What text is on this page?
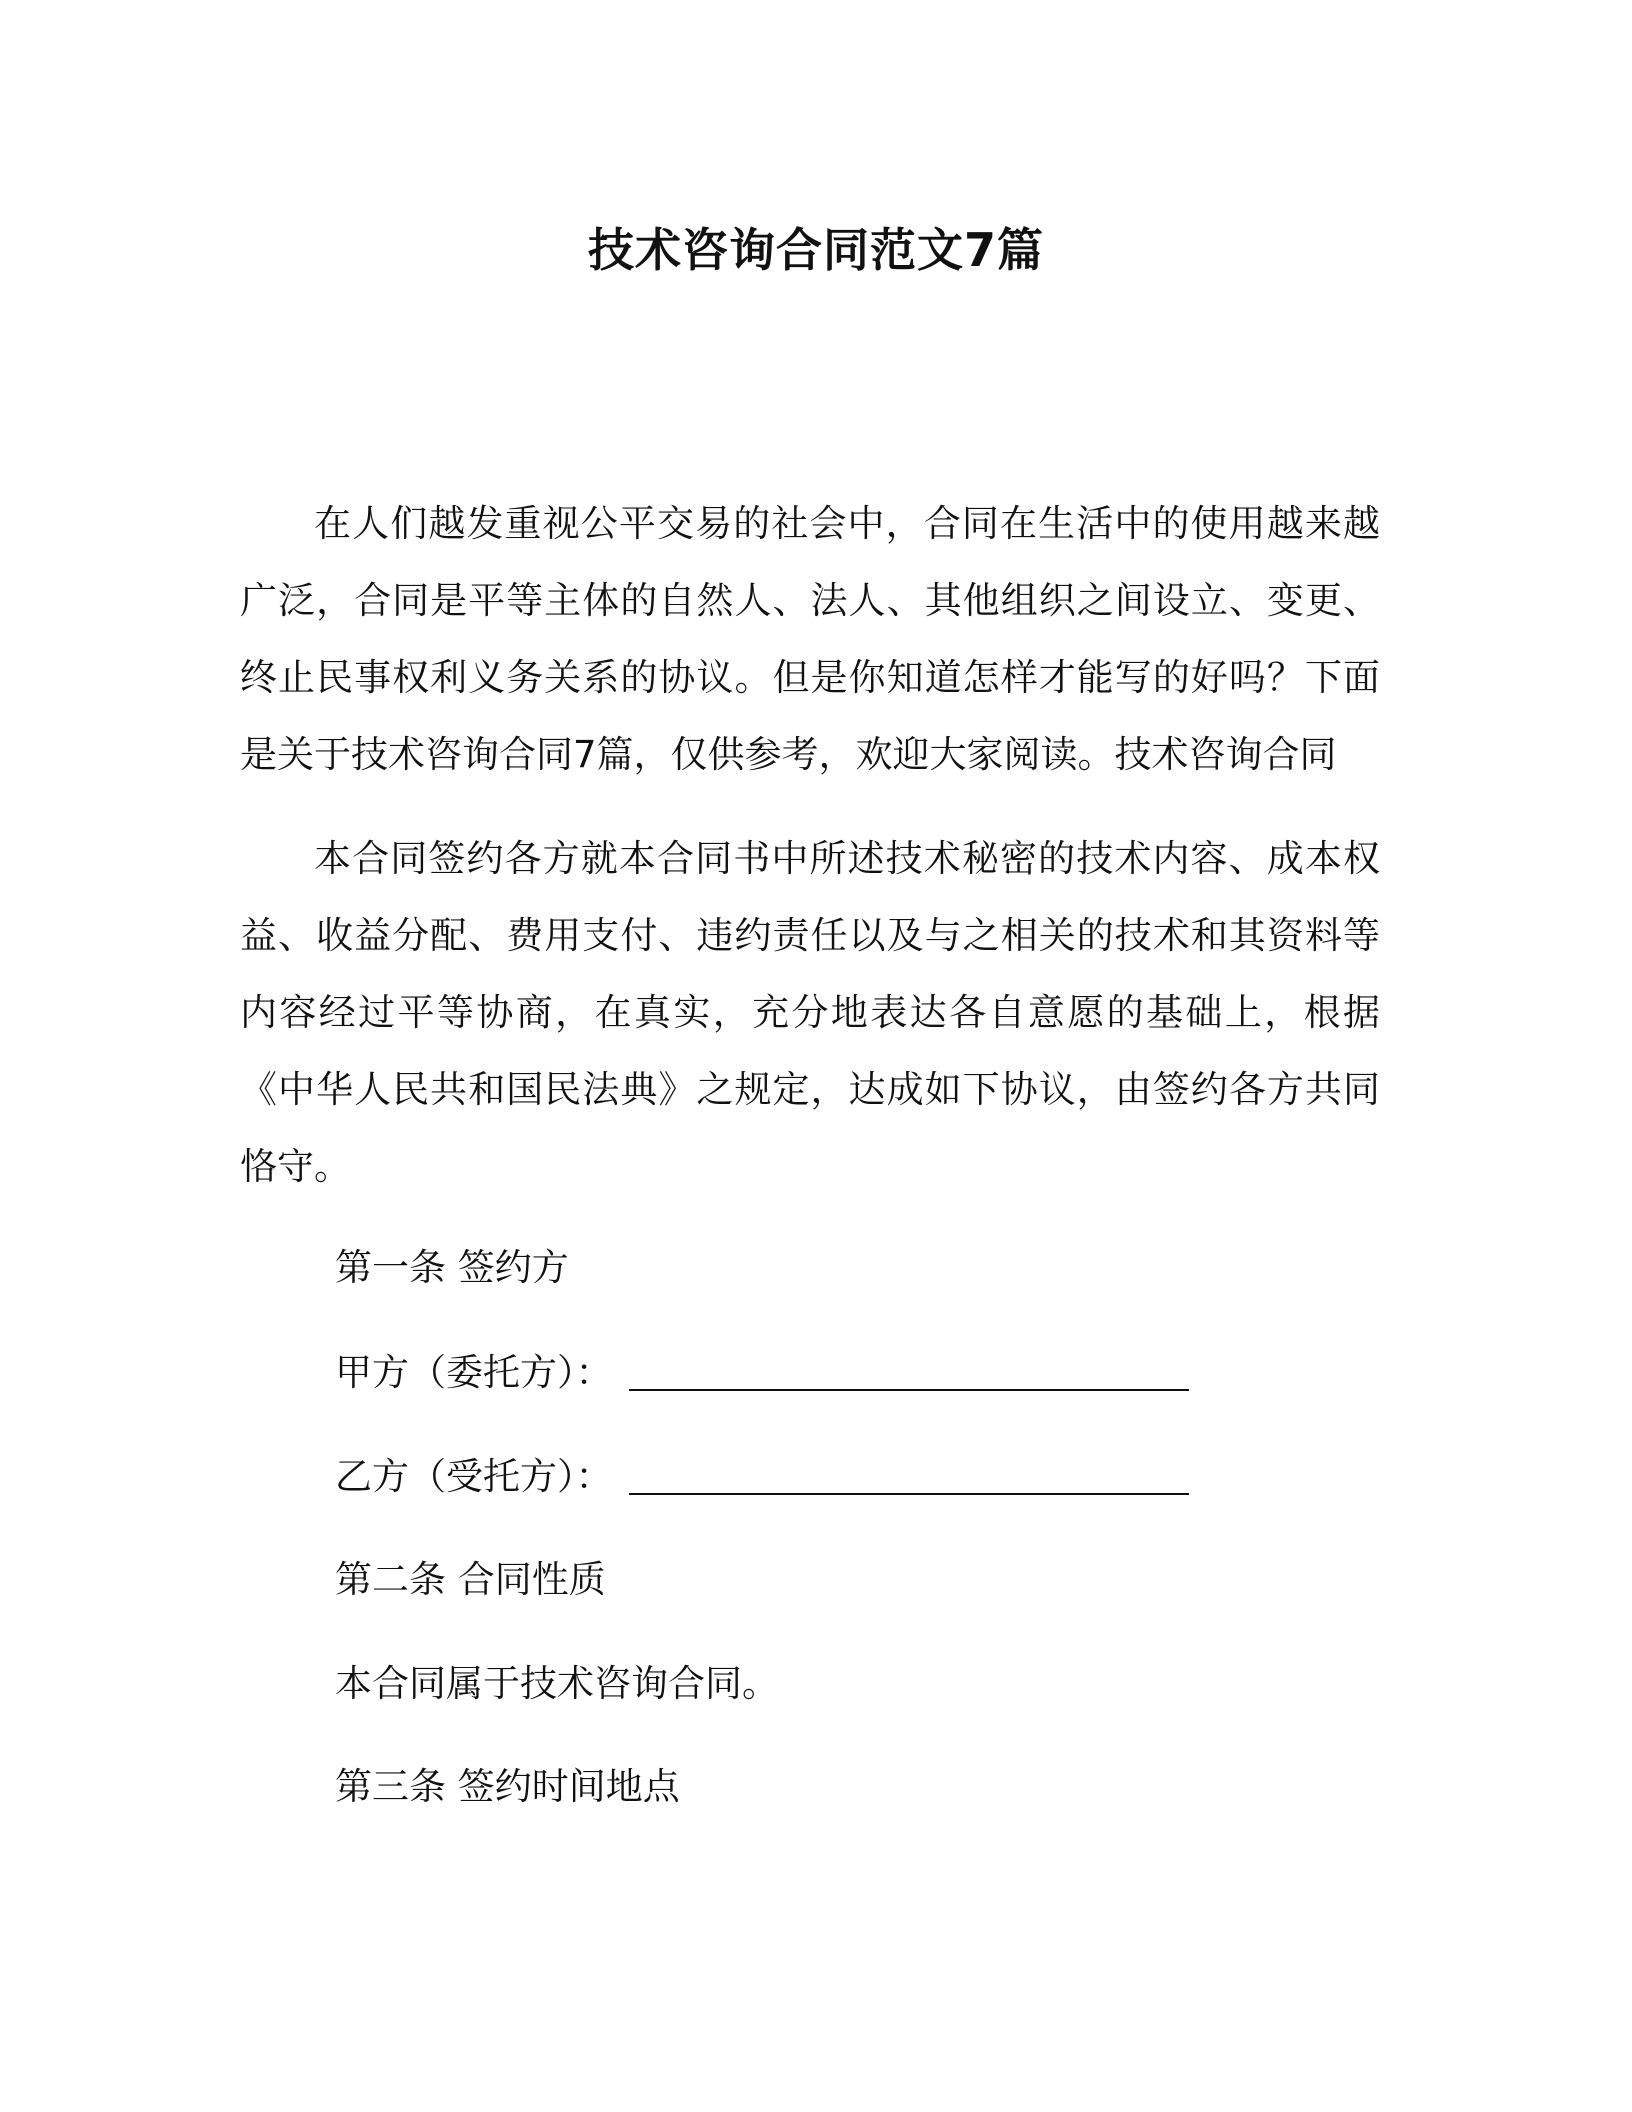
技术咨询合同范文7篇

在人们越发重视公平交易的社会中，合同在生活中的使用越来越广泛，合同是平等主体的自然人、法人、其他组织之间设立、变更、终止民事权利义务关系的协议。但是你知道怎样才能写的好吗？下面是关于技术咨询合同7篇，仅供参考，欢迎大家阅读。技术咨询合同

本合同签约各方就本合同书中所述技术秘密的技术内容、成本权益、收益分配、费用支付、违约责任以及与之相关的技术和其资料等内容经过平等协商，在真实，充分地表达各自意愿的基础上，根据《中华人民共和国民法典》之规定，达成如下协议，由签约各方共同恪守。

第一条 签约方

甲方（委托方）：

乙方（受托方）：

第二条 合同性质

本合同属于技术咨询合同。

第三条 签约时间地点
